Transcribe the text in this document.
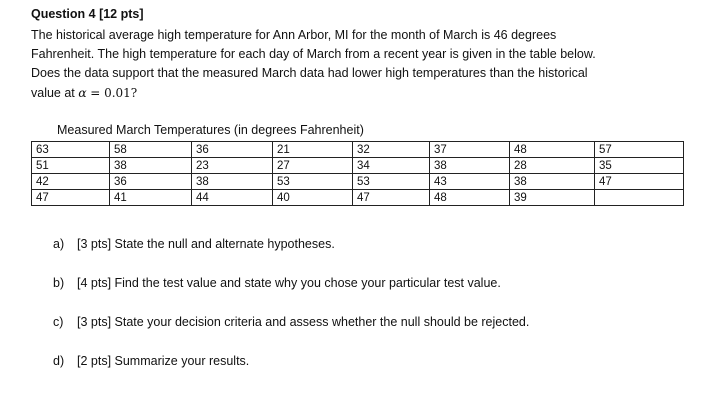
Question 4 [12 pts]
The historical average high temperature for Ann Arbor, MI for the month of March is 46 degrees
Fahrenheit. The high temperature for each day of March from a recent year is given in the table below.
Does the data support that the measured March data had lower high temperatures than the historical
value at α = 0.01?
Measured March Temperatures (in degrees Fahrenheit)
63	58	36	21	32	37	48	57
51	38	23	27	34	38	28	35
42	36	38	53	53	43	38	47
47	41	44	40	47	48	39	
a) [3 pts] State the null and alternate hypotheses.
b) [4 pts] Find the test value and state why you chose your particular test value.
c) [3 pts] State your decision criteria and assess whether the null should be rejected.
d) [2 pts] Summarize your results.
